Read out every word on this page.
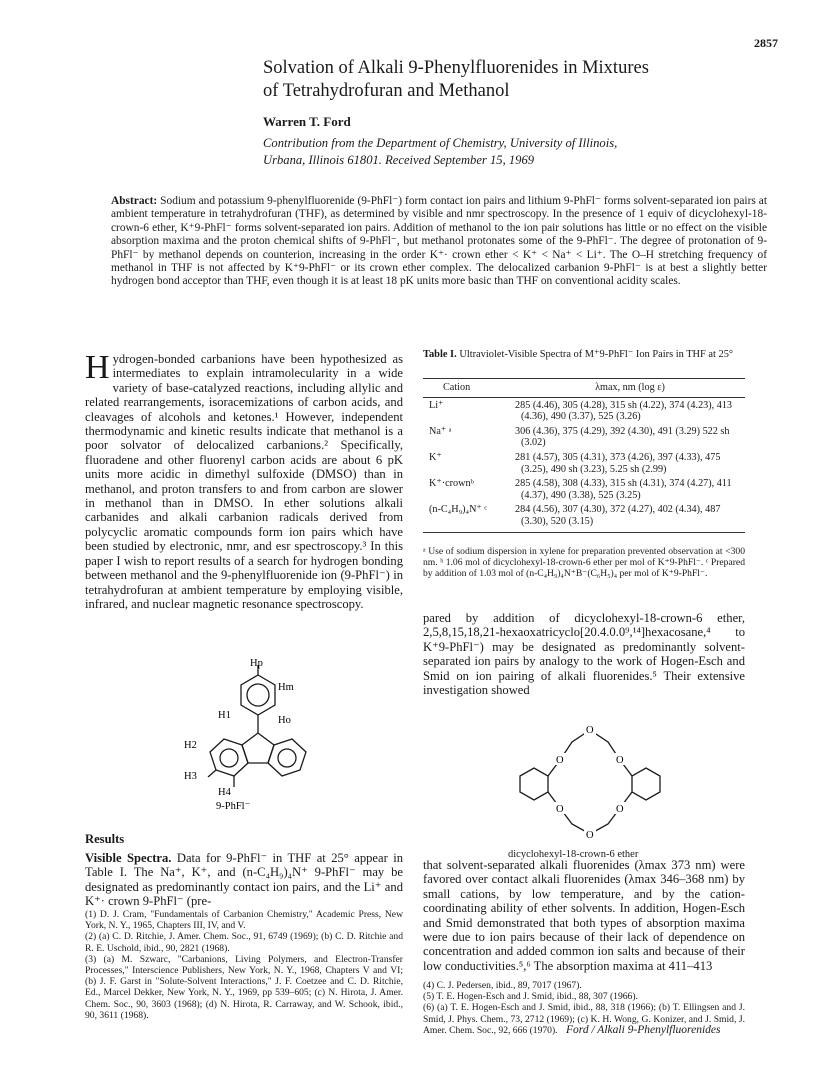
2857
Solvation of Alkali 9-Phenylfluorenides in Mixtures
of Tetrahydrofuran and Methanol
Warren T. Ford
Contribution from the Department of Chemistry, University of Illinois,
Urbana, Illinois 61801. Received September 15, 1969
Abstract: Sodium and potassium 9-phenylfluorenide (9-PhFl⁻) form contact ion pairs and lithium 9-PhFl⁻ forms solvent-separated ion pairs at ambient temperature in tetrahydrofuran (THF), as determined by visible and nmr spectroscopy. In the presence of 1 equiv of dicyclohexyl-18-crown-6 ether, K⁺9-PhFl⁻ forms solvent-separated ion pairs. Addition of methanol to the ion pair solutions has little or no effect on the visible absorption maxima and the proton chemical shifts of 9-PhFl⁻, but methanol protonates some of the 9-PhFl⁻. The degree of protonation of 9-PhFl⁻ by methanol depends on counterion, increasing in the order K⁺· crown ether < K⁺ < Na⁺ < Li⁺. The O–H stretching frequency of methanol in THF is not affected by K⁺9-PhFl⁻ or its crown ether complex. The delocalized carbanion 9-PhFl⁻ is at best a slightly better hydrogen bond acceptor than THF, even though it is at least 18 pK units more basic than THF on conventional acidity scales.
H ydrogen-bonded carbanions have been hypothesized as intermediates to explain intramolecularity in a wide variety of base-catalyzed reactions, including allylic and related rearrangements, isoracemizations of carbon acids, and cleavages of alcohols and ketones.¹ However, independent thermodynamic and kinetic results indicate that methanol is a poor solvator of delocalized carbanions.² Specifically, fluoradene and other fluorenyl carbon acids are about 6 pK units more acidic in dimethyl sulfoxide (DMSO) than in methanol, and proton transfers to and from carbon are slower in methanol than in DMSO. In ether solutions alkali carbanides and alkali carbanion radicals derived from polycyclic aromatic compounds form ion pairs which have been studied by electronic, nmr, and esr spectroscopy.³ In this paper I wish to report results of a search for hydrogen bonding between methanol and the 9-phenylfluorenide ion (9-PhFl⁻) in tetrahydrofuran at ambient temperature by employing visible, infrared, and nuclear magnetic resonance spectroscopy.
Hp
Hm
H1	Ho
H2
H3
H4
9-PhFl⁻
Results
Visible Spectra. Data for 9-PhFl⁻ in THF at 25° appear in Table I. The Na⁺, K⁺, and (n-C₄H₉)₄N⁺ 9-PhFl⁻ may be designated as predominantly contact ion pairs, and the Li⁺ and K⁺· crown 9-PhFl⁻ (pre-
(1) D. J. Cram, "Fundamentals of Carbanion Chemistry," Academic Press, New York, N. Y., 1965, Chapters III, IV, and V.
(2) (a) C. D. Ritchie, J. Amer. Chem. Soc., 91, 6749 (1969); (b) C. D. Ritchie and R. E. Uschold, ibid., 90, 2821 (1968).
(3) (a) M. Szwarc, "Carbanions, Living Polymers, and Electron-Transfer Processes," Interscience Publishers, New York, N. Y., 1968, Chapters V and VI; (b) J. F. Garst in "Solute-Solvent Interactions," J. F. Coetzee and C. D. Ritchie, Ed., Marcel Dekker, New York, N. Y., 1969, pp 539–605; (c) N. Hirota, J. Amer. Chem. Soc., 90, 3603 (1968); (d) N. Hirota, R. Carraway, and W. Schook, ibid., 90, 3611 (1968).
Table I. Ultraviolet-Visible Spectra of M⁺9-PhFl⁻ Ion Pairs in THF at 25°
Cation	λmax, nm (log ε)
Li⁺	285 (4.46), 305 (4.28), 315 sh (4.22), 374 (4.23), 413 (4.36), 490 (3.37), 525 (3.26)
Na⁺ ᵃ	306 (4.36), 375 (4.29), 392 (4.30), 491 (3.29) 522 sh (3.02)
K⁺	281 (4.57), 305 (4.31), 373 (4.26), 397 (4.33), 475 (3.25), 490 sh (3.23), 5.25 sh (2.99)
K⁺·crownᵇ	285 (4.58), 308 (4.33), 315 sh (4.31), 374 (4.27), 411 (4.37), 490 (3.38), 525 (3.25)
(n-C₄H₉)₄N⁺ ᶜ	284 (4.56), 307 (4.30), 372 (4.27), 402 (4.34), 487 (3.30), 520 (3.15)
ᵃ Use of sodium dispersion in xylene for preparation prevented observation at <300 nm. ᵇ 1.06 mol of dicyclohexyl-18-crown-6 ether per mol of K⁺9-PhFl⁻. ᶜ Prepared by addition of 1.03 mol of (n-C₄H₉)₄N⁺B⁻(C₆H₅)₄ per mol of K⁺9-PhFl⁻.
pared by addition of dicyclohexyl-18-crown-6 ether, 2,5,8,15,18,21-hexaoxatricyclo[20.4.0.0⁹,¹⁴]hexacosane,⁴ to K⁺9-PhFl⁻) may be designated as predominantly solvent-separated ion pairs by analogy to the work of Hogen-Esch and Smid on ion pairing of alkali fluorenides.⁵ Their extensive investigation showed
O	O
O
O	O
O
dicyclohexyl-18-crown-6 ether
that solvent-separated alkali fluorenides (λmax 373 nm) were favored over contact alkali fluorenides (λmax 346–368 nm) by small cations, by low temperature, and by the cation-coordinating ability of ether solvents. In addition, Hogen-Esch and Smid demonstrated that both types of absorption maxima were due to ion pairs because of their lack of dependence on concentration and added common ion salts and because of their low conductivities.⁵,⁶ The absorption maxima at 411–413
(4) C. J. Pedersen, ibid., 89, 7017 (1967).
(5) T. E. Hogen-Esch and J. Smid, ibid., 88, 307 (1966).
(6) (a) T. E. Hogen-Esch and J. Smid, ibid., 88, 318 (1966); (b) T. Ellingsen and J. Smid, J. Phys. Chem., 73, 2712 (1969); (c) K. H. Wong, G. Konizer, and J. Smid, J. Amer. Chem. Soc., 92, 666 (1970). Ford / Alkali 9-Phenylfluorenides
